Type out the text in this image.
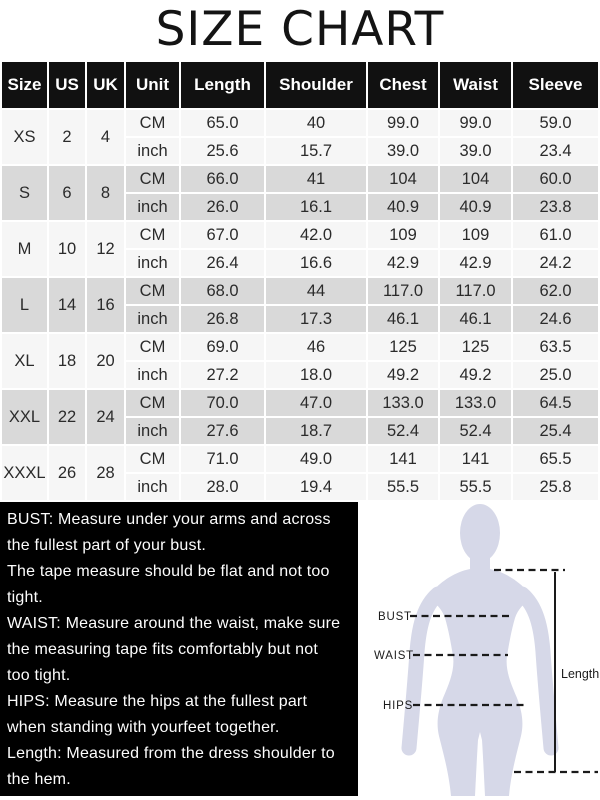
SIZE CHART
Size	US	UK	Unit	Length	Shoulder	Chest	Waist	Sleeve
XS	2	4	CM	65.0	40	99.0	99.0	59.0
			inch	25.6	15.7	39.0	39.0	23.4
S	6	8	CM	66.0	41	104	104	60.0
			inch	26.0	16.1	40.9	40.9	23.8
M	10	12	CM	67.0	42.0	109	109	61.0
			inch	26.4	16.6	42.9	42.9	24.2
L	14	16	CM	68.0	44	117.0	117.0	62.0
			inch	26.8	17.3	46.1	46.1	24.6
XL	18	20	CM	69.0	46	125	125	63.5
			inch	27.2	18.0	49.2	49.2	25.0
XXL	22	24	CM	70.0	47.0	133.0	133.0	64.5
			inch	27.6	18.7	52.4	52.4	25.4
XXXL	26	28	CM	71.0	49.0	141	141	65.5
			inch	28.0	19.4	55.5	55.5	25.8
BUST: Measure under your arms and across
the fullest part of your bust.
The tape measure should be flat and not too
tight.
WAIST: Measure around the waist, make sure
the measuring tape fits comfortably but not
too tight.
HIPS: Measure the hips at the fullest part
when standing with yourfeet together.
Length: Measured from the dress shoulder to
the hem.
BUST
WAIST
HIPS
Length
